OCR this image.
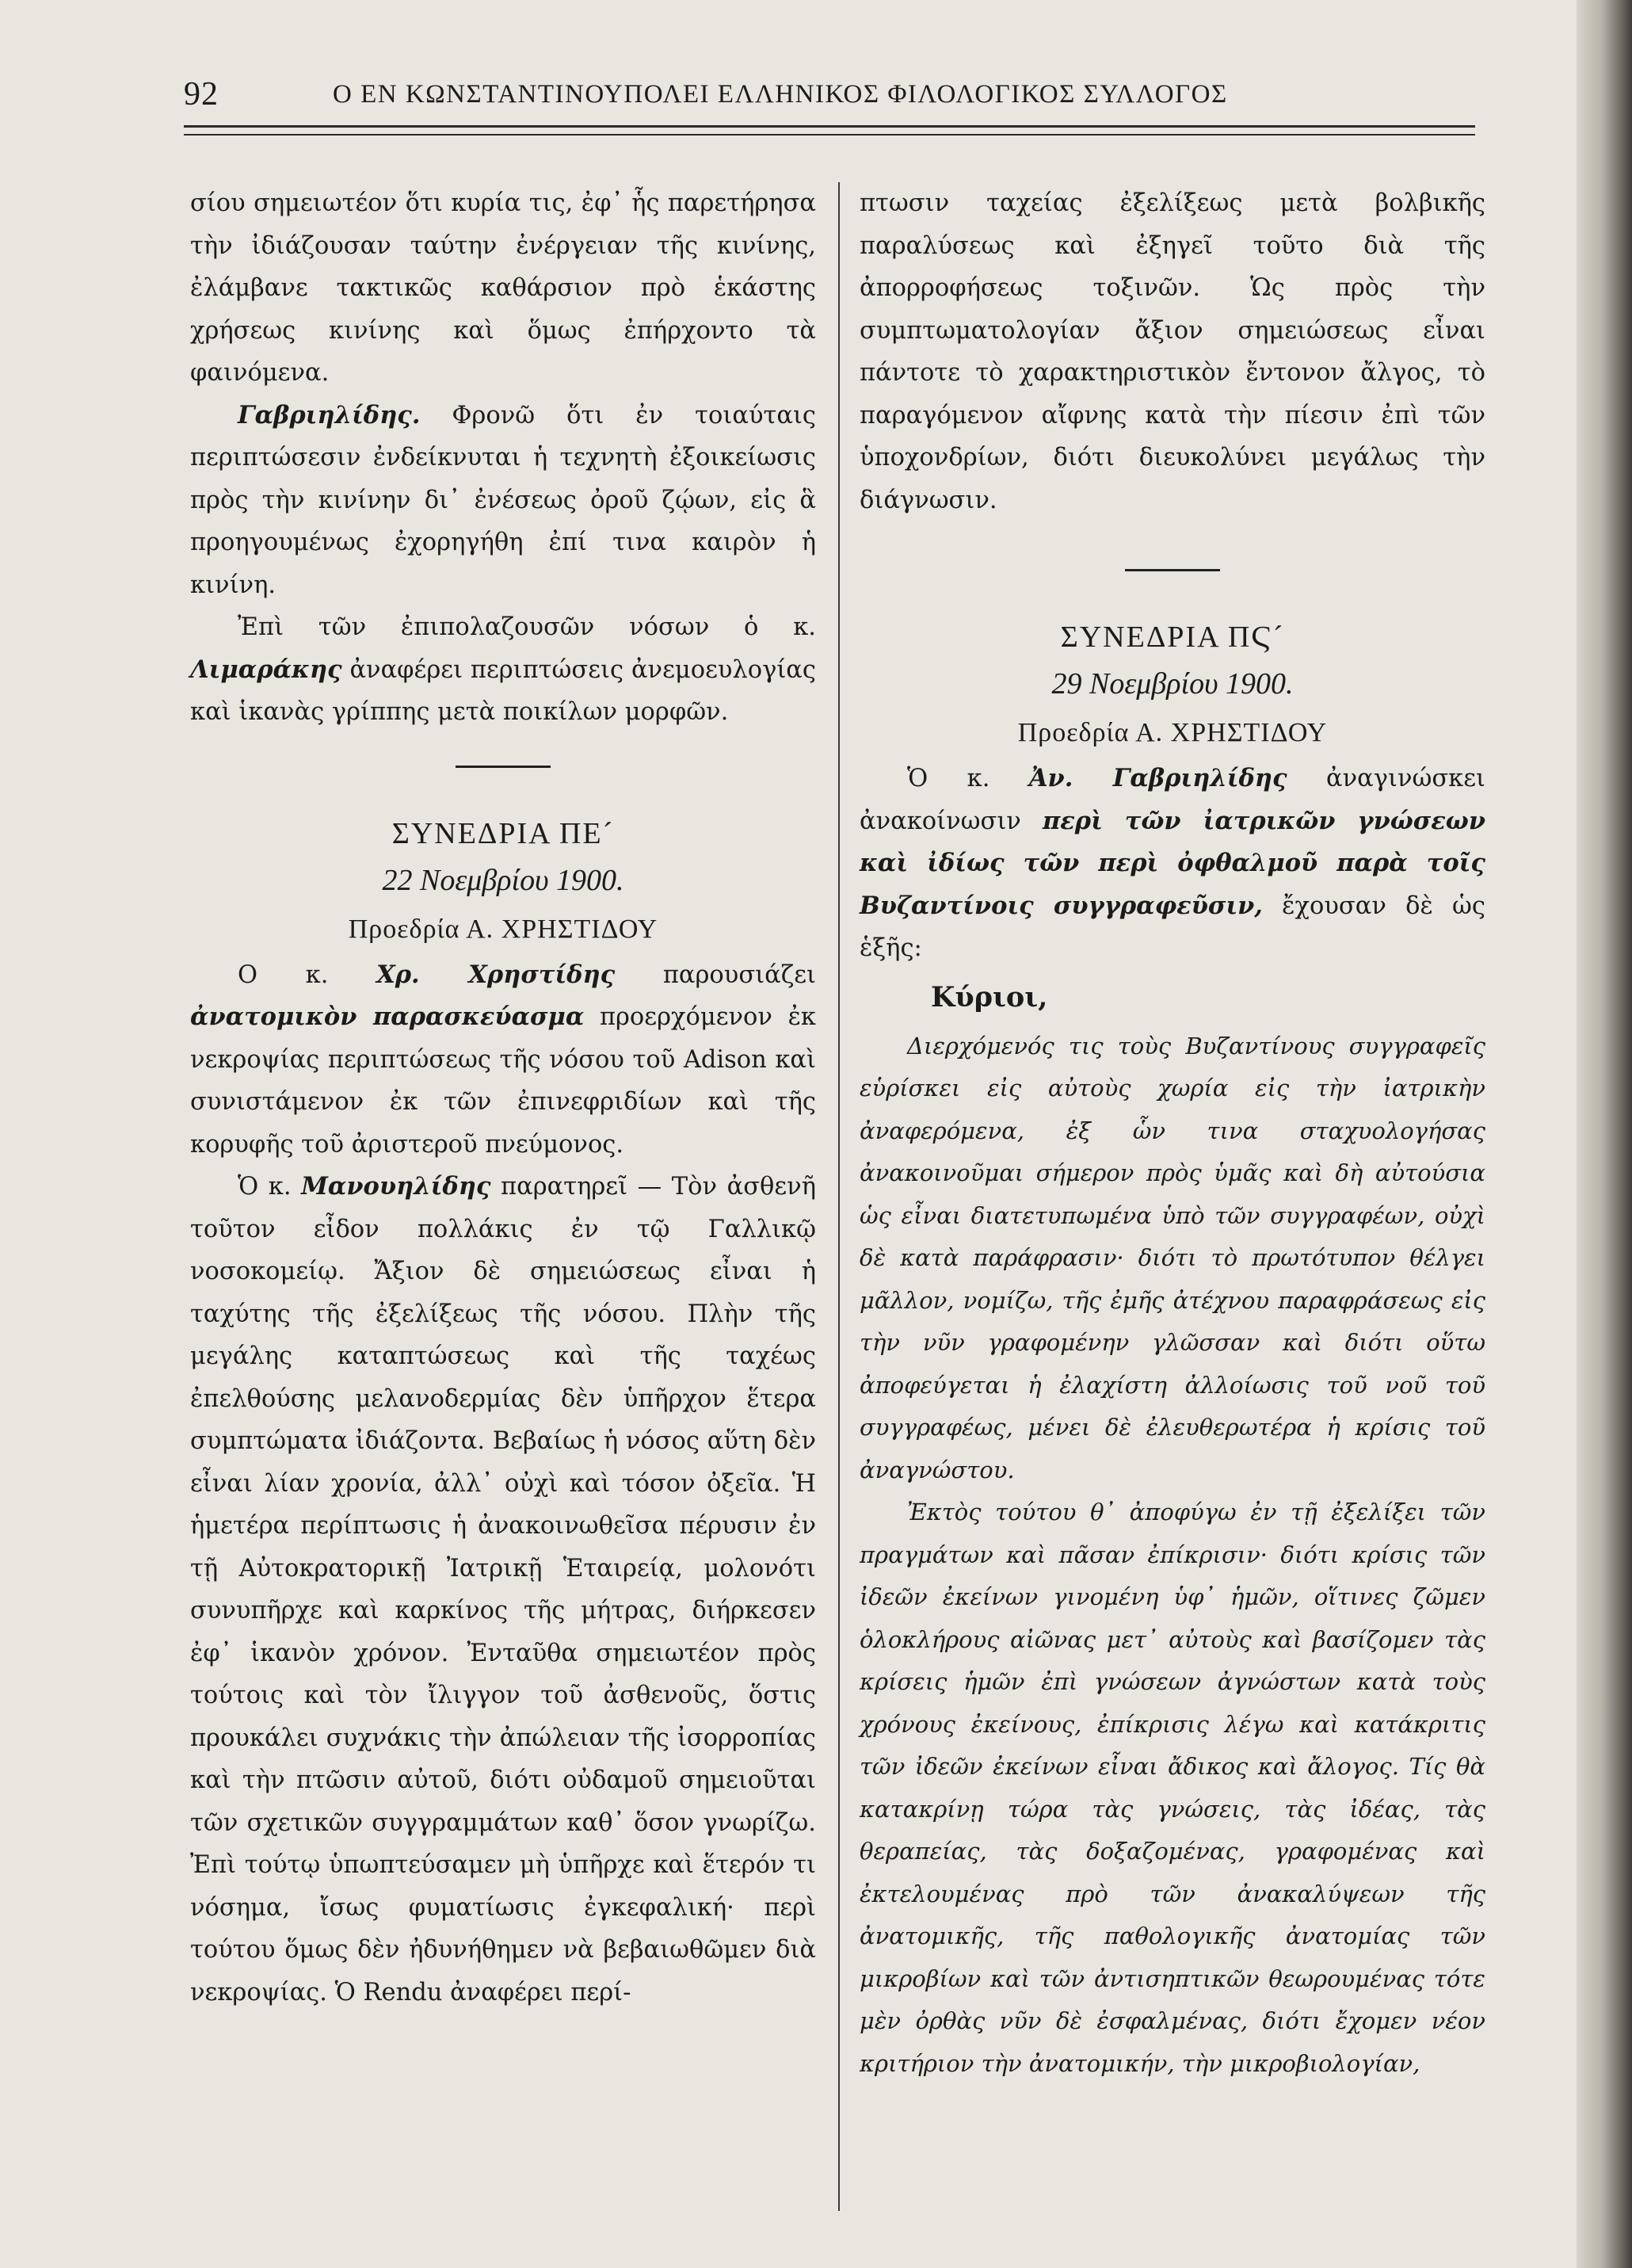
92	Ο ΕΝ ΚΩΝΣΤΑΝΤΙΝΟΥΠΟΛΕΙ ΕΛΛΗΝΙΚΟΣ ΦΙΛΟΛΟΓΙΚΟΣ ΣΥΛΛΟΓΟΣ

σίου σημειωτέον ὅτι κυρία τις, ἐφ᾿ ἧς παρετήρησα τὴν ἰδιάζουσαν ταύτην ἐνέργειαν τῆς κινίνης, ἐλάμβανε τακτικῶς καθάρσιον πρὸ ἑκάστης χρήσεως κινίνης καὶ ὅμως ἐπήρχοντο τὰ φαινόμενα.

Γαβριηλίδης. Φρονῶ ὅτι ἐν τοιαύταις περιπτώσεσιν ἐνδείκνυται ἡ τεχνητὴ ἐξοικείωσις πρὸς τὴν κινίνην δι᾿ ἐνέσεως ὀροῦ ζῴων, εἰς ἃ προηγουμένως ἐχορηγήθη ἐπί τινα καιρὸν ἡ κινίνη.

Ἐπὶ τῶν ἐπιπολαζουσῶν νόσων ὁ κ. Λιμαράκης ἀναφέρει περιπτώσεις ἀνεμοευλογίας καὶ ἱκανὰς γρίππης μετὰ ποικίλων μορφῶν.

ΣΥΝΕΔΡΙΑ ΠΕ´
22 Νοεμβρίου 1900.
Προεδρία Α. ΧΡΗΣΤΙΔΟΥ

Ο κ. Χρ. Χρηστίδης παρουσιάζει ἀνατομικὸν παρασκεύασμα προερχόμενον ἐκ νεκροψίας περιπτώσεως τῆς νόσου τοῦ Adison καὶ συνιστάμενον ἐκ τῶν ἐπινεφριδίων καὶ τῆς κορυφῆς τοῦ ἀριστεροῦ πνεύμονος.

Ὁ κ. Μανουηλίδης παρατηρεῖ — Τὸν ἀσθενῆ τοῦτον εἶδον πολλάκις ἐν τῷ Γαλλικῷ νοσοκομείῳ. Ἄξιον δὲ σημειώσεως εἶναι ἡ ταχύτης τῆς ἐξελίξεως τῆς νόσου. Πλὴν τῆς μεγάλης καταπτώσεως καὶ τῆς ταχέως ἐπελθούσης μελανοδερμίας δὲν ὑπῆρχον ἕτερα συμπτώματα ἰδιάζοντα. Βεβαίως ἡ νόσος αὕτη δὲν εἶναι λίαν χρονία, ἀλλ᾿ οὐχὶ καὶ τόσον ὀξεῖα. Ἡ ἡμετέρα περίπτωσις ἡ ἀνακοινωθεῖσα πέρυσιν ἐν τῇ Αὐτοκρατορικῇ Ἰατρικῇ Ἑταιρείᾳ, μολονότι συνυπῆρχε καὶ καρκίνος τῆς μήτρας, διήρκεσεν ἐφ᾿ ἱκανὸν χρόνον. Ἐνταῦθα σημειωτέον πρὸς τούτοις καὶ τὸν ἴλιγγον τοῦ ἀσθενοῦς, ὅστις προυκάλει συχνάκις τὴν ἀπώλειαν τῆς ἰσορροπίας καὶ τὴν πτῶσιν αὐτοῦ, διότι οὐδαμοῦ σημειοῦται τῶν σχετικῶν συγγραμμάτων καθ᾿ ὅσον γνωρίζω. Ἐπὶ τούτῳ ὑπωπτεύσαμεν μὴ ὑπῆρχε καὶ ἕτερόν τι νόσημα, ἴσως φυματίωσις ἐγκεφαλική· περὶ τούτου ὅμως δὲν ἠδυνήθημεν νὰ βεβαιωθῶμεν διὰ νεκροψίας. Ὁ Rendu ἀναφέρει περί-

πτωσιν ταχείας ἐξελίξεως μετὰ βολβικῆς παραλύσεως καὶ ἐξηγεῖ τοῦτο διὰ τῆς ἀπορροφήσεως τοξινῶν. Ὡς πρὸς τὴν συμπτωματολογίαν ἄξιον σημειώσεως εἶναι πάντοτε τὸ χαρακτηριστικὸν ἔντονον ἄλγος, τὸ παραγόμενον αἴφνης κατὰ τὴν πίεσιν ἐπὶ τῶν ὑποχονδρίων, διότι διευκολύνει μεγάλως τὴν διάγνωσιν.

ΣΥΝΕΔΡΙΑ ΠϚ´
29 Νοεμβρίου 1900.
Προεδρία Α. ΧΡΗΣΤΙΔΟΥ

Ὁ κ. Ἀν. Γαβριηλίδης ἀναγινώσκει ἀνακοίνωσιν περὶ τῶν ἰατρικῶν γνώσεων καὶ ἰδίως τῶν περὶ ὀφθαλμοῦ παρὰ τοῖς Βυζαντίνοις συγγραφεῦσιν, ἔχουσαν δὲ ὡς ἑξῆς:

Κύριοι,

Διερχόμενός τις τοὺς Βυζαντίνους συγγραφεῖς εὑρίσκει εἰς αὐτοὺς χωρία εἰς τὴν ἰατρικὴν ἀναφερόμενα, ἐξ ὧν τινα σταχυολογήσας ἀνακοινοῦμαι σήμερον πρὸς ὑμᾶς καὶ δὴ αὐτούσια ὡς εἶναι διατετυπωμένα ὑπὸ τῶν συγγραφέων, οὐχὶ δὲ κατὰ παράφρασιν· διότι τὸ πρωτότυπον θέλγει μᾶλλον, νομίζω, τῆς ἐμῆς ἀτέχνου παραφράσεως εἰς τὴν νῦν γραφομένην γλῶσσαν καὶ διότι οὕτω ἀποφεύγεται ἡ ἐλαχίστη ἀλλοίωσις τοῦ νοῦ τοῦ συγγραφέως, μένει δὲ ἐλευθερωτέρα ἡ κρίσις τοῦ ἀναγνώστου.

Ἐκτὸς τούτου θ᾿ ἀποφύγω ἐν τῇ ἐξελίξει τῶν πραγμάτων καὶ πᾶσαν ἐπίκρισιν· διότι κρίσις τῶν ἰδεῶν ἐκείνων γινομένη ὑφ᾿ ἡμῶν, οἵτινες ζῶμεν ὁλοκλήρους αἰῶνας μετ᾿ αὐτοὺς καὶ βασίζομεν τὰς κρίσεις ἡμῶν ἐπὶ γνώσεων ἀγνώστων κατὰ τοὺς χρόνους ἐκείνους, ἐπίκρισις λέγω καὶ κατάκριτις τῶν ἰδεῶν ἐκείνων εἶναι ἄδικος καὶ ἄλογος. Τίς θὰ κατακρίνῃ τώρα τὰς γνώσεις, τὰς ἰδέας, τὰς θεραπείας, τὰς δοξαζομένας, γραφομένας καὶ ἐκτελουμένας πρὸ τῶν ἀνακαλύψεων τῆς ἀνατομικῆς, τῆς παθολογικῆς ἀνατομίας τῶν μικροβίων καὶ τῶν ἀντισηπτικῶν θεωρουμένας τότε μὲν ὀρθὰς νῦν δὲ ἐσφαλμένας, διότι ἔχομεν νέον κριτήριον τὴν ἀνατομικήν, τὴν μικροβιολογίαν,
